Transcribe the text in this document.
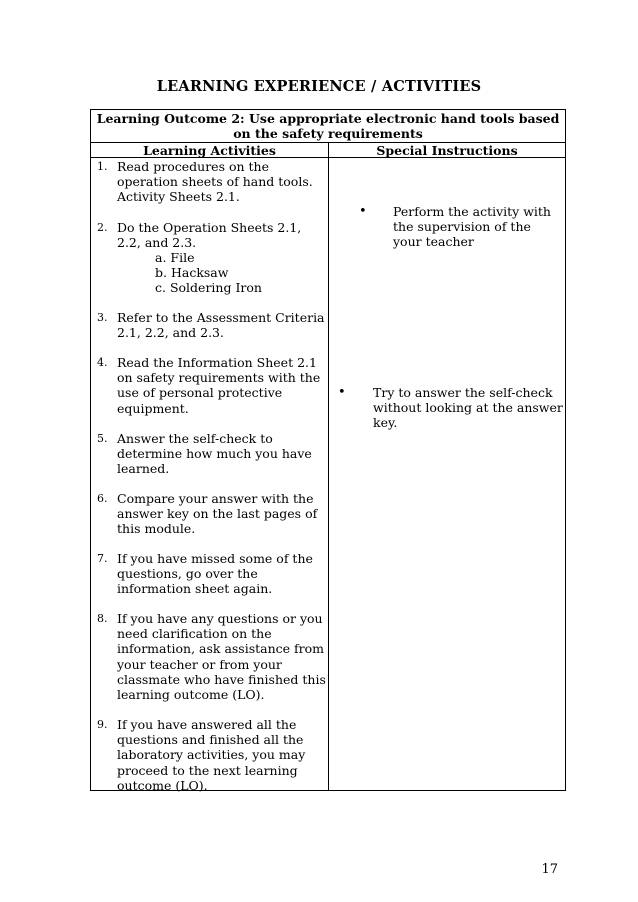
LEARNING EXPERIENCE / ACTIVITIES
Learning Outcome 2: Use appropriate electronic hand tools based on the safety requirements
Learning Activities	Special Instructions
1. Read procedures on the operation sheets of hand tools. Activity Sheets 2.1.
2. Do the Operation Sheets 2.1, 2.2, and 2.3.
a. File
b. Hacksaw
c. Soldering Iron
3. Refer to the Assessment Criteria 2.1, 2.2, and 2.3.
4. Read the Information Sheet 2.1 on safety requirements with the use of personal protective equipment.
5. Answer the self-check to determine how much you have learned.
6. Compare your answer with the answer key on the last pages of this module.
7. If you have missed some of the questions, go over the information sheet again.
8. If you have any questions or you need clarification on the information, ask assistance from your teacher or from your classmate who have finished this learning outcome (LO).
9. If you have answered all the questions and finished all the laboratory activities, you may proceed to the next learning outcome (LO).
• Perform the activity with the supervision of the your teacher
• Try to answer the self-check without looking at the answer key.
17
